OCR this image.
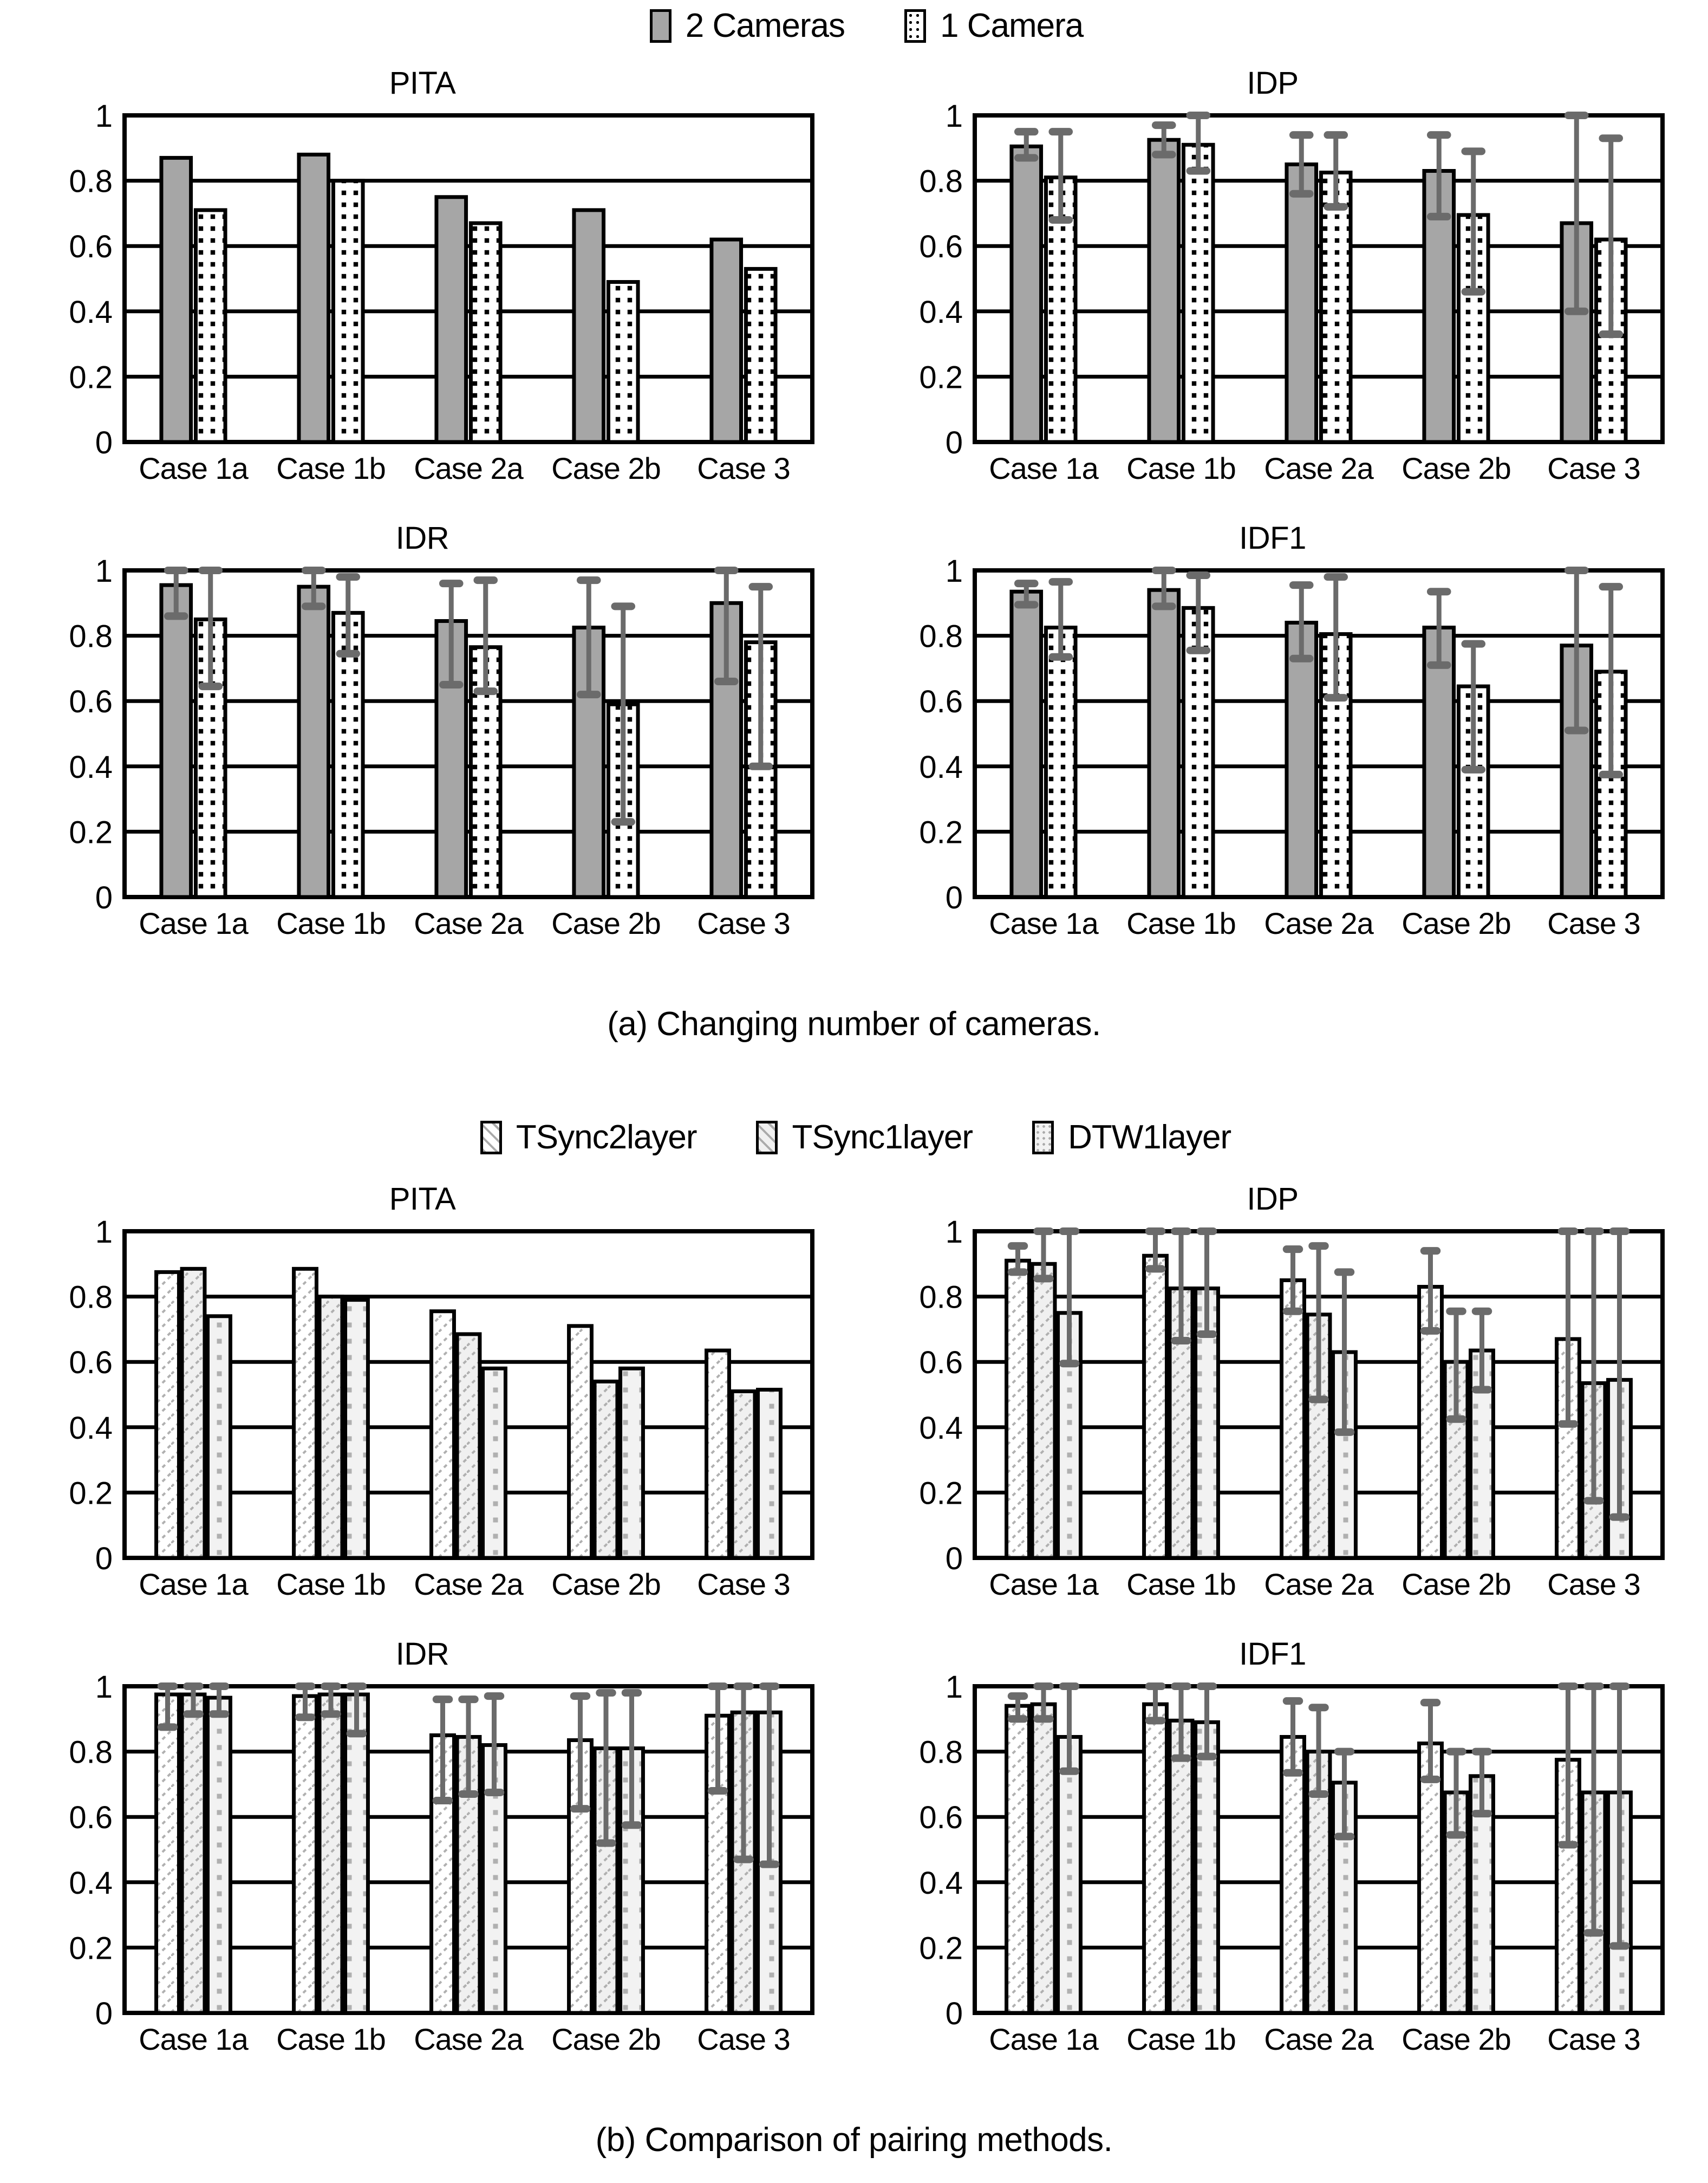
2 Cameras	1 Camera
PITA
1
0.8
0.6
0.4
0.2
0
Case 1a Case 1b Case 2a Case 2b Case 3
IDP
1
0.8
0.6
0.4
0.2
0
Case 1a Case 1b Case 2a Case 2b Case 3
IDR
1
0.8
0.6
0.4
0.2
0
Case 1a Case 1b Case 2a Case 2b Case 3
IDF1
1
0.8
0.6
0.4
0.2
0
Case 1a Case 1b Case 2a Case 2b Case 3
(a) Changing number of cameras.
TSync2layer	TSync1layer	DTW1layer
PITA
1
0.8
0.6
0.4
0.2
0
Case 1a Case 1b Case 2a Case 2b Case 3
IDP
1
0.8
0.6
0.4
0.2
0
Case 1a Case 1b Case 2a Case 2b Case 3
IDR
1
0.8
0.6
0.4
0.2
0
Case 1a Case 1b Case 2a Case 2b Case 3
IDF1
1
0.8
0.6
0.4
0.2
0
Case 1a Case 1b Case 2a Case 2b Case 3
(b) Comparison of pairing methods.
